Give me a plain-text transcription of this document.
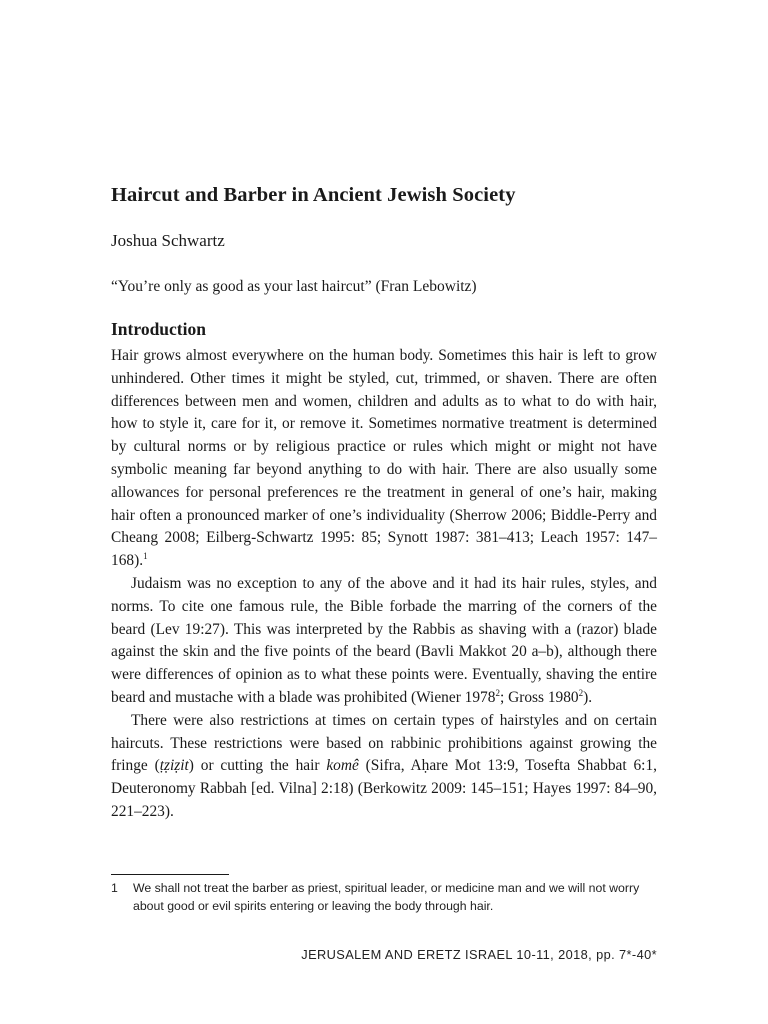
Haircut and Barber in Ancient Jewish Society

Joshua Schwartz

“You’re only as good as your last haircut” (Fran Lebowitz)

Introduction

Hair grows almost everywhere on the human body. Sometimes this hair is left to grow unhindered. Other times it might be styled, cut, trimmed, or shaven. There are often differences between men and women, children and adults as to what to do with hair, how to style it, care for it, or remove it. Sometimes normative treatment is determined by cultural norms or by religious practice or rules which might or might not have symbolic meaning far beyond anything to do with hair. There are also usually some allowances for personal preferences re the treatment in general of one’s hair, making hair often a pronounced marker of one’s individuality (Sherrow 2006; Biddle-Perry and Cheang 2008; Eilberg-Schwartz 1995: 85; Synott 1987: 381–413; Leach 1957: 147–168).$^1$

Judaism was no exception to any of the above and it had its hair rules, styles, and norms. To cite one famous rule, the Bible forbade the marring of the corners of the beard (Lev 19:27). This was interpreted by the Rabbis as shaving with a (razor) blade against the skin and the five points of the beard (Bavli Makkot 20 a–b), although there were differences of opinion as to what these points were. Eventually, shaving the entire beard and mustache with a blade was prohibited (Wiener 1978$^2$; Gross 1980$^2$).

There were also restrictions at times on certain types of hairstyles and on certain haircuts. These restrictions were based on rabbinic prohibitions against growing the fringe (ṭẓiẓit) or cutting the hair komê (Sifra, Aḥare Mot 13:9, Tosefta Shabbat 6:1, Deuteronomy Rabbah [ed. Vilna] 2:18) (Berkowitz 2009: 145–151; Hayes 1997: 84–90, 221–223).

1	We shall not treat the barber as priest, spiritual leader, or medicine man and we will not worry about good or evil spirits entering or leaving the body through hair.
JERUSALEM AND ERETZ ISRAEL 10-11, 2018, pp. 7*-40*
